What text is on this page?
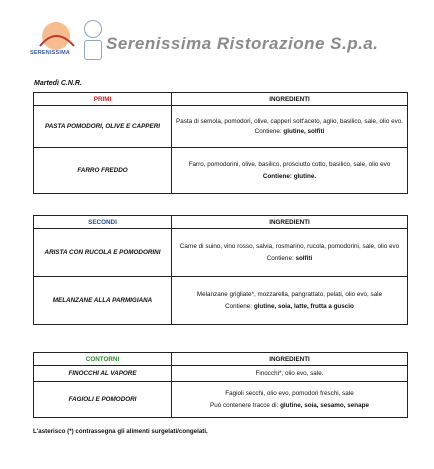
SERENISSIMA Serenissima Ristorazione S.p.a.
Martedì C.N.R.
PRIMI	INGREDIENTI
PASTA POMODORI, OLIVE E CAPPERI	Pasta di semola, pomodori, olive, capperi sott'aceto, aglio, basilico, sale, olio evo.
Contiene: glutine, solfiti
FARRO FREDDO	Farro, pomodorini, olive, basilico, prosciutto cotto, basilico, sale, olio evo

Contiene: glutine.
SECONDI	INGREDIENTI
ARISTA CON RUCOLA E POMODORINI	Carne di suino, vino rosso, salvia, rosmarino, rucola, pomodorini, sale, olio evo

Contiene: solfiti
MELANZANE ALLA PARMIGIANA	Melanzane grigliate*, mozzarella, pangrattato, pelati, olio evo, sale

Contiene: glutine, soia, latte, frutta a guscio
CONTORNI	INGREDIENTI
FINOCCHI AL VAPORE	Finocchi*, olio evo, sale.
FAGIOLI E POMODORI	Fagioli secchi, olio evo, pomodori freschi, sale

Può contenere tracce di: glutine, soia, sesamo, senape
L'asterisco (*) contrassegna gli alimenti surgelati/congelati.
